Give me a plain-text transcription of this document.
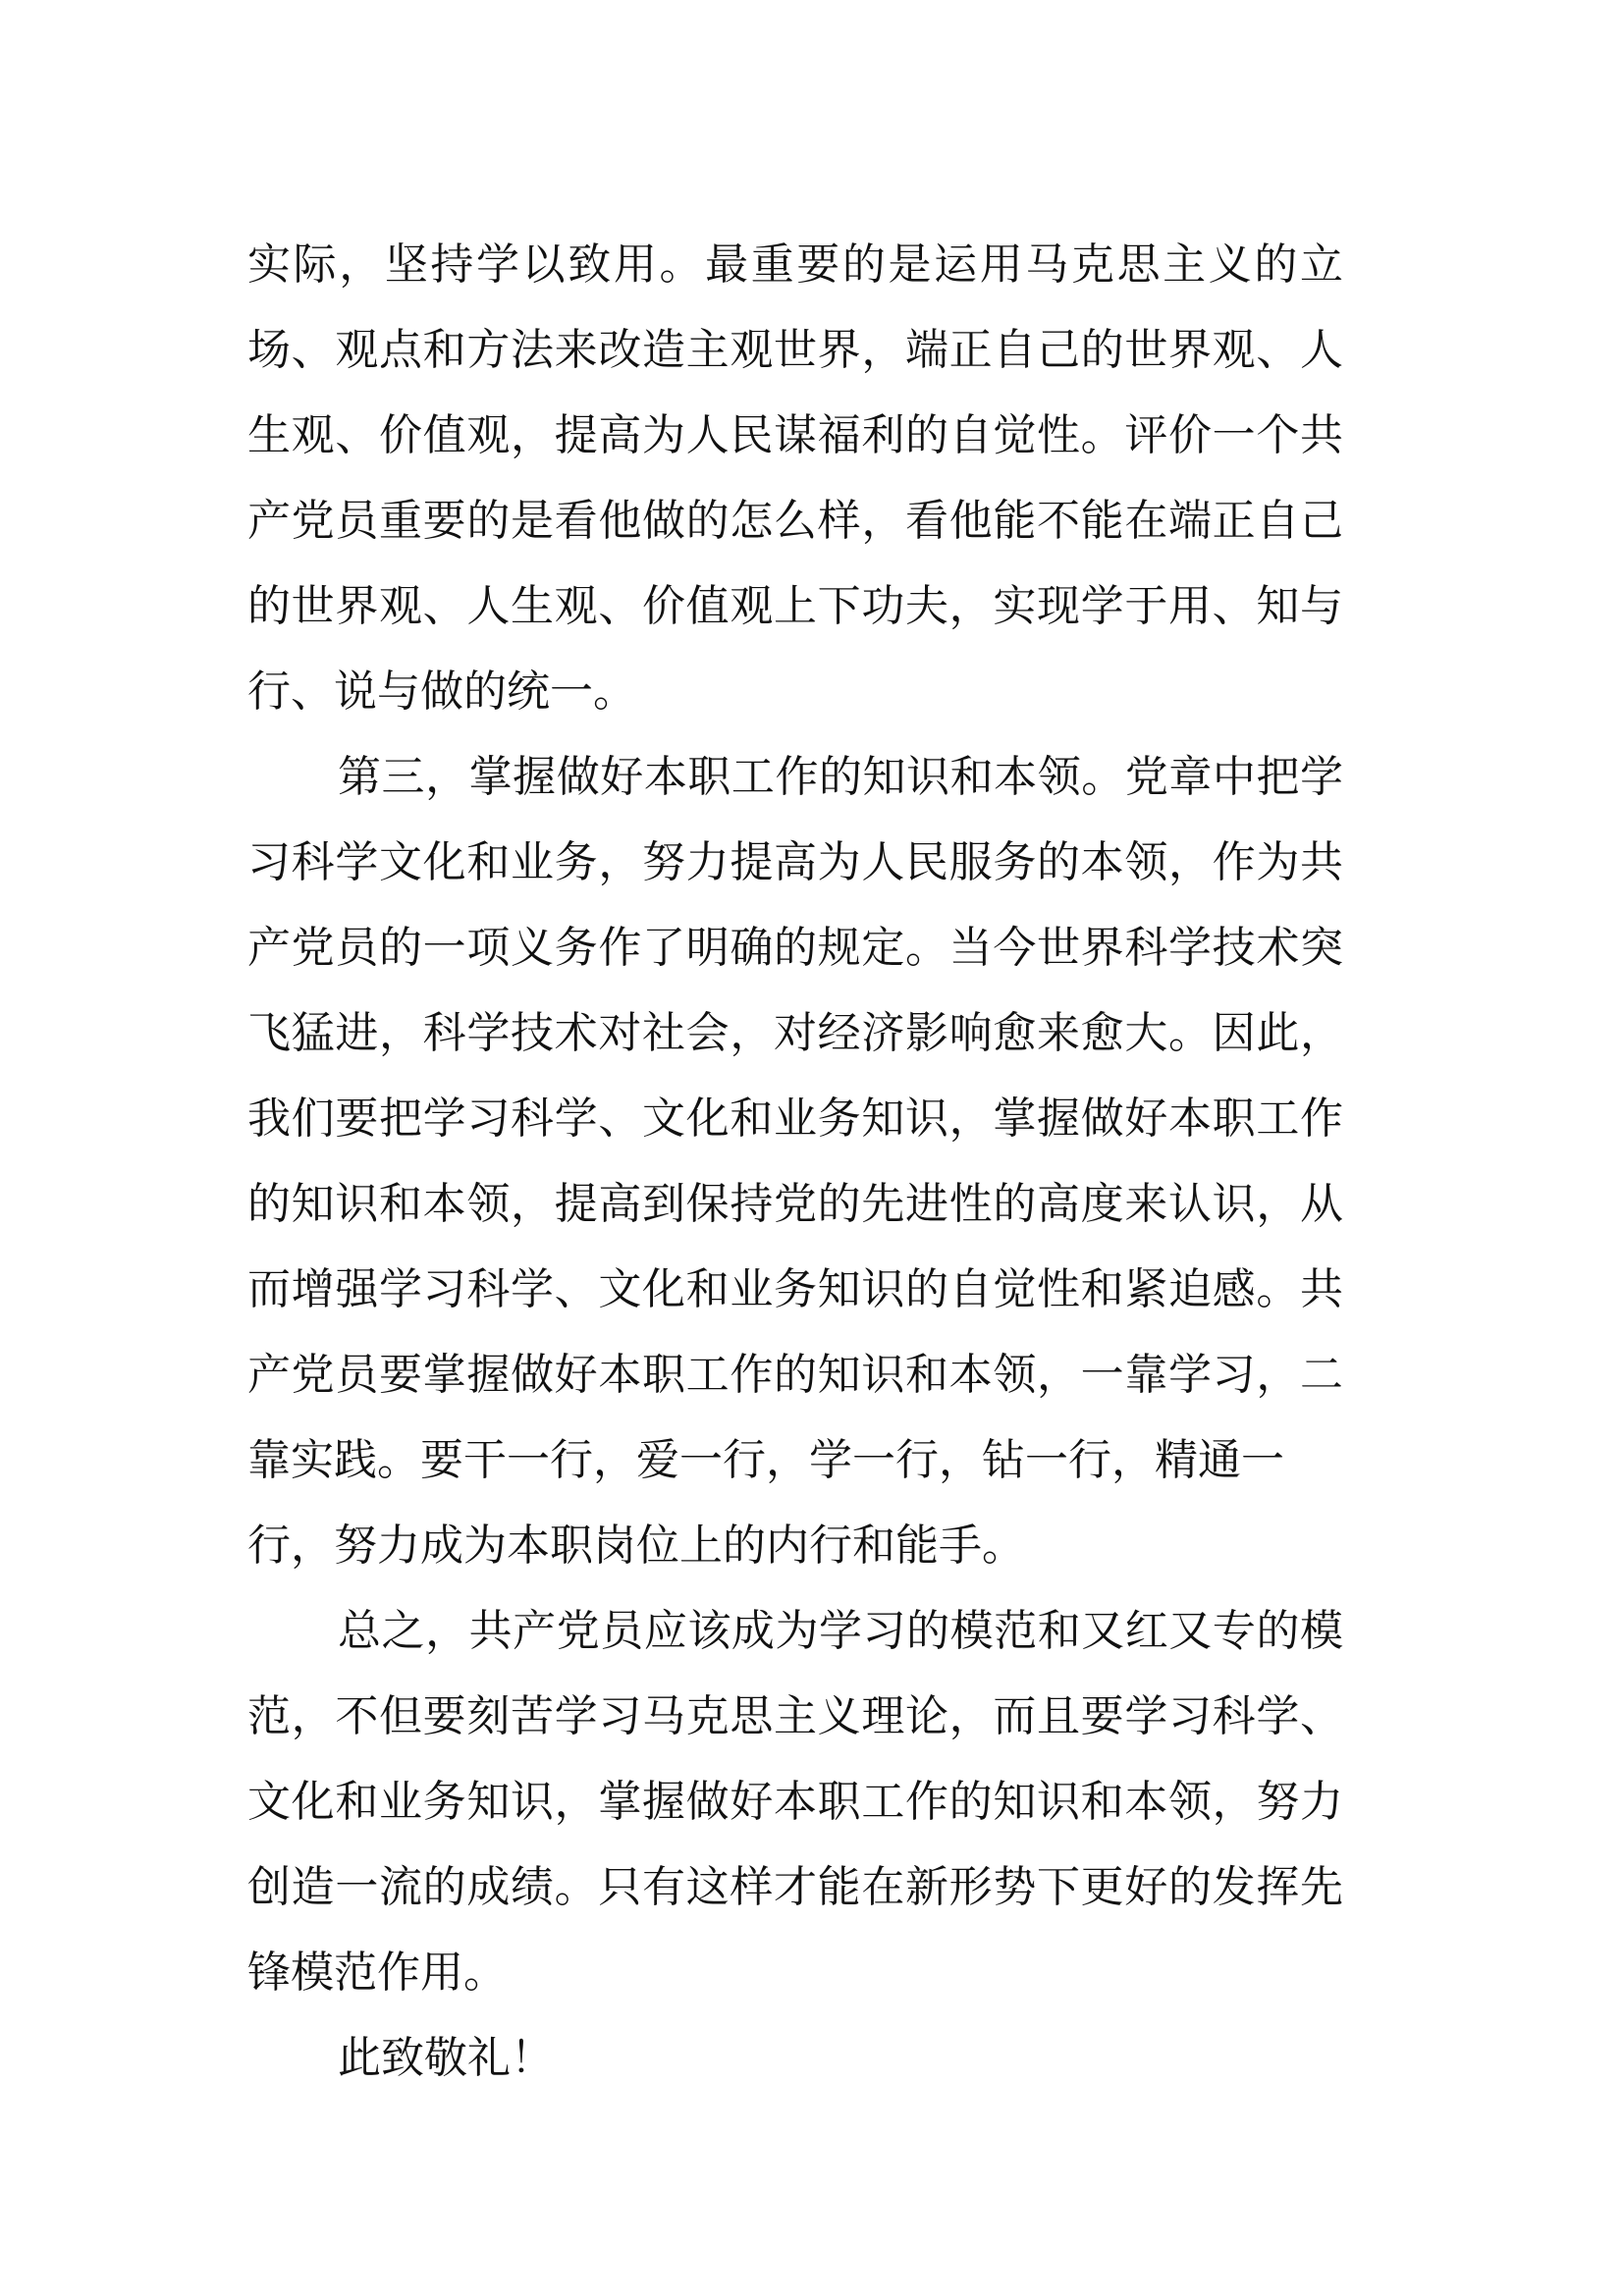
实际，坚持学以致用。最重要的是运用马克思主义的立
场、观点和方法来改造主观世界，端正自己的世界观、人
生观、价值观，提高为人民谋福利的自觉性。评价一个共
产党员重要的是看他做的怎么样，看他能不能在端正自己
的世界观、人生观、价值观上下功夫，实现学于用、知与
行、说与做的统一。
第三，掌握做好本职工作的知识和本领。党章中把学
习科学文化和业务，努力提高为人民服务的本领，作为共
产党员的一项义务作了明确的规定。当今世界科学技术突
飞猛进，科学技术对社会，对经济影响愈来愈大。因此，
我们要把学习科学、文化和业务知识，掌握做好本职工作
的知识和本领，提高到保持党的先进性的高度来认识，从
而增强学习科学、文化和业务知识的自觉性和紧迫感。共
产党员要掌握做好本职工作的知识和本领，一靠学习，二
靠实践。要干一行，爱一行，学一行，钻一行，精通一
行，努力成为本职岗位上的内行和能手。
总之，共产党员应该成为学习的模范和又红又专的模
范，不但要刻苦学习马克思主义理论，而且要学习科学、
文化和业务知识，掌握做好本职工作的知识和本领，努力
创造一流的成绩。只有这样才能在新形势下更好的发挥先
锋模范作用。
此致敬礼！
